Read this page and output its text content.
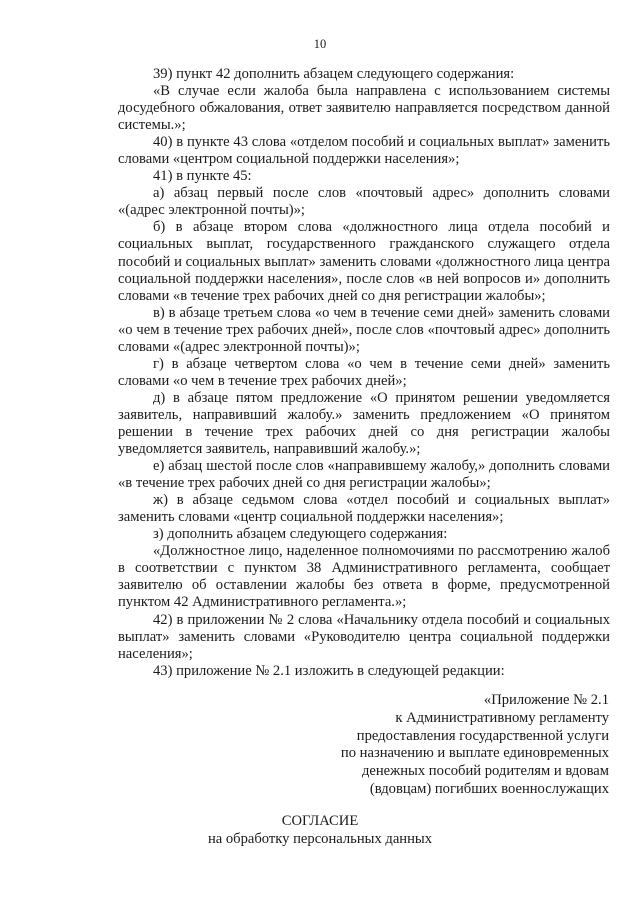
10

39) пункт 42 дополнить абзацем следующего содержания:

«В случае если жалоба была направлена с использованием системы досудебного обжалования, ответ заявителю направляется посредством данной системы.»;

40) в пункте 43 слова «отделом пособий и социальных выплат» заменить словами «центром социальной поддержки населения»;

41) в пункте 45:

а) абзац первый после слов «почтовый адрес» дополнить словами «(адрес электронной почты)»;

б) в абзаце втором слова «должностного лица отдела пособий и социальных выплат, государственного гражданского служащего отдела пособий и социальных выплат» заменить словами «должностного лица центра социальной поддержки населения», после слов «в ней вопросов и» дополнить словами «в течение трех рабочих дней со дня регистрации жалобы»;

в) в абзаце третьем слова «о чем в течение семи дней» заменить словами «о чем в течение трех рабочих дней», после слов «почтовый адрес» дополнить словами «(адрес электронной почты)»;

г) в абзаце четвертом слова «о чем в течение семи дней» заменить словами «о чем в течение трех рабочих дней»;

д) в абзаце пятом предложение «О принятом решении уведомляется заявитель, направивший жалобу.» заменить предложением «О принятом решении в течение трех рабочих дней со дня регистрации жалобы уведомляется заявитель, направивший жалобу.»;

е) абзац шестой после слов «направившему жалобу,» дополнить словами «в течение трех рабочих дней со дня регистрации жалобы»;

ж) в абзаце седьмом слова «отдел пособий и социальных выплат» заменить словами «центр социальной поддержки населения»;

з) дополнить абзацем следующего содержания:

«Должностное лицо, наделенное полномочиями по рассмотрению жалоб в соответствии с пунктом 38 Административного регламента, сообщает заявителю об оставлении жалобы без ответа в форме, предусмотренной пунктом 42 Административного регламента.»;

42) в приложении № 2 слова «Начальнику отдела пособий и социальных выплат» заменить словами «Руководителю центра социальной поддержки населения»;

43) приложение № 2.1 изложить в следующей редакции:

«Приложение № 2.1
к Административному регламенту
предоставления государственной услуги
по назначению и выплате единовременных
денежных пособий родителям и вдовам
(вдовцам) погибших военнослужащих
СОГЛАСИЕ
на обработку персональных данных
